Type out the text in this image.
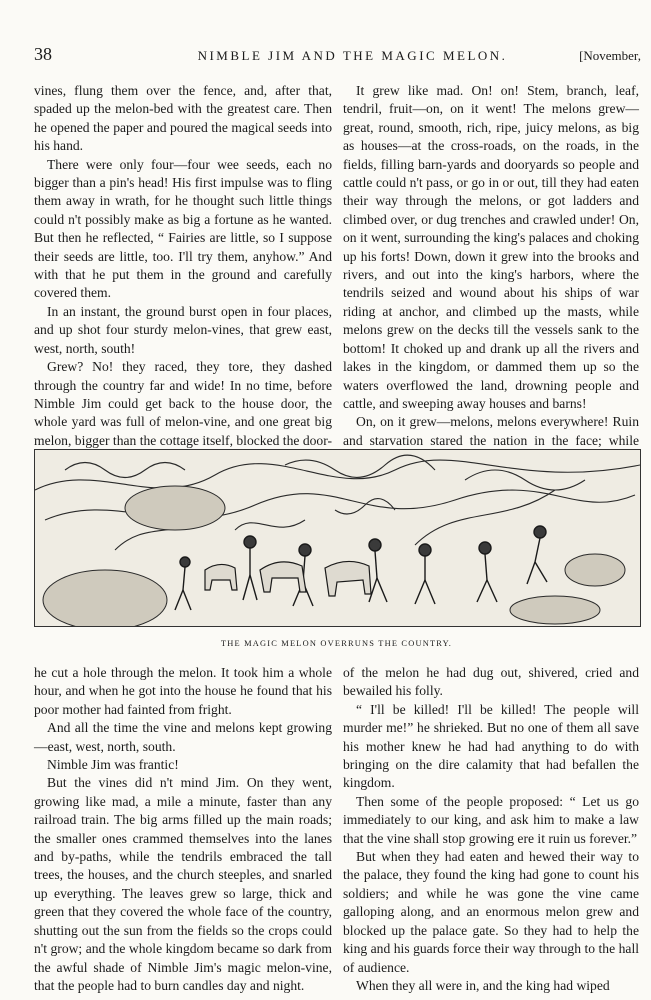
38	NIMBLE JIM AND THE MAGIC MELON.	[November,

vines, flung them over the fence, and, after that, spaded up the melon-bed with the greatest care. Then he opened the paper and poured the magical seeds into his hand.

There were only four—four wee seeds, each no bigger than a pin's head! His first impulse was to fling them away in wrath, for he thought such little things could n't possibly make as big a fortune as he wanted. But then he reflected, “ Fairies are little, so I suppose their seeds are little, too. I'll try them, anyhow.” And with that he put them in the ground and carefully covered them.

In an instant, the ground burst open in four places, and up shot four sturdy melon-vines, that grew east, west, north, south!

Grew? No! they raced, they tore, they dashed through the country far and wide! In no time, before Nimble Jim could get back to the house door, the whole yard was full of melon-vine, and one great big melon, bigger than the cottage itself, blocked the door-

It grew like mad. On! on! Stem, branch, leaf, tendril, fruit—on, on it went! The melons grew—great, round, smooth, rich, ripe, juicy melons, as big as houses—at the cross-roads, on the roads, in the fields, filling barn-yards and dooryards so people and cattle could n't pass, or go in or out, till they had eaten their way through the melons, or got ladders and climbed over, or dug trenches and crawled under! On, on it went, surrounding the king's palaces and choking up his forts! Down, down it grew into the brooks and rivers, and out into the king's harbors, where the tendrils seized and wound about his ships of war riding at anchor, and climbed up the masts, while melons grew on the decks till the vessels sank to the bottom! It choked up and drank up all the rivers and lakes in the kingdom, or dammed them up so the waters overflowed the land, drowning people and cattle, and sweeping away houses and barns!

On, on it grew—melons, melons everywhere! Ruin and starvation stared the nation in the face; while

THE MAGIC MELON OVERRUNS THE COUNTRY.

he cut a hole through the melon. It took him a whole hour, and when he got into the house he found that his poor mother had fainted from fright.

And all the time the vine and melons kept growing—east, west, north, south.

Nimble Jim was frantic!

But the vines did n't mind Jim. On they went, growing like mad, a mile a minute, faster than any railroad train. The big arms filled up the main roads; the smaller ones crammed themselves into the lanes and by-paths, while the tendrils embraced the tall trees, the houses, and the church steeples, and snarled up everything. The leaves grew so large, thick and green that they covered the whole face of the country, shutting out the sun from the fields so the crops could n't grow; and the whole kingdom became so dark from the awful shade of Nimble Jim's magic melon-vine, that the people had to burn candles day and night.

of the melon he had dug out, shivered, cried and bewailed his folly.

“ I'll be killed! I'll be killed! The people will murder me!” he shrieked. But no one of them all save his mother knew he had had anything to do with bringing on the dire calamity that had befallen the kingdom.

Then some of the people proposed: “ Let us go immediately to our king, and ask him to make a law that the vine shall stop growing ere it ruin us forever.”

But when they had eaten and hewed their way to the palace, they found the king had gone to count his soldiers; and while he was gone the vine came galloping along, and an enormous melon grew and blocked up the palace gate. So they had to help the king and his guards force their way through to the hall of audience.

When they all were in, and the king had wiped
